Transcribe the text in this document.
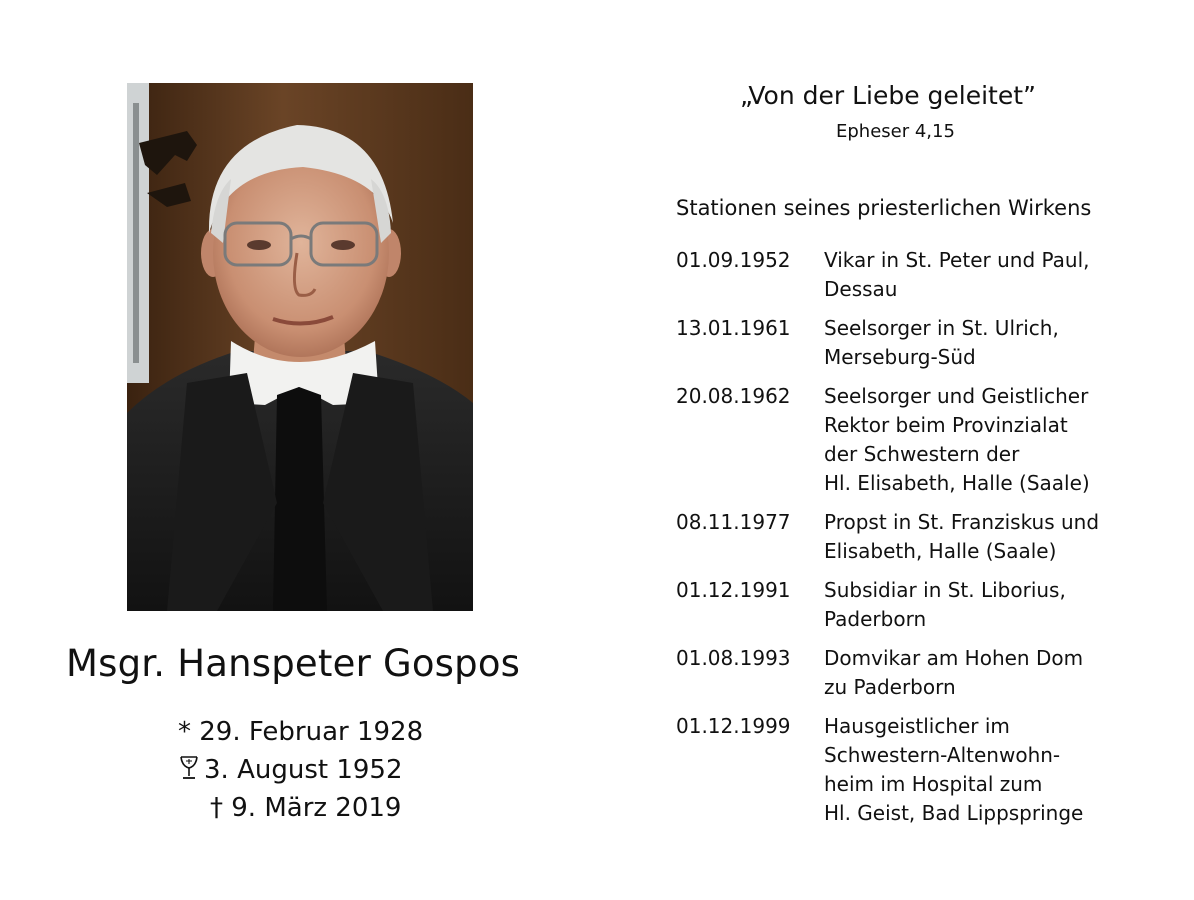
Msgr. Hanspeter Gospos
* 29. Februar 1928
3. August 1952
† 9. März 2019
„Von der Liebe geleitet”
Epheser 4,15
Stationen seines priesterlichen Wirkens
01.09.1952	Vikar in St. Peter und Paul,
Dessau
13.01.1961	Seelsorger in St. Ulrich,
Merseburg-Süd
20.08.1962	Seelsorger und Geistlicher
Rektor beim Provinzialat
der Schwestern der
Hl. Elisabeth, Halle (Saale)
08.11.1977	Propst in St. Franziskus und
Elisabeth, Halle (Saale)
01.12.1991	Subsidiar in St. Liborius,
Paderborn
01.08.1993	Domvikar am Hohen Dom
zu Paderborn
01.12.1999	Hausgeistlicher im
Schwestern-Altenwohn-
heim im Hospital zum
Hl. Geist, Bad Lippspringe
